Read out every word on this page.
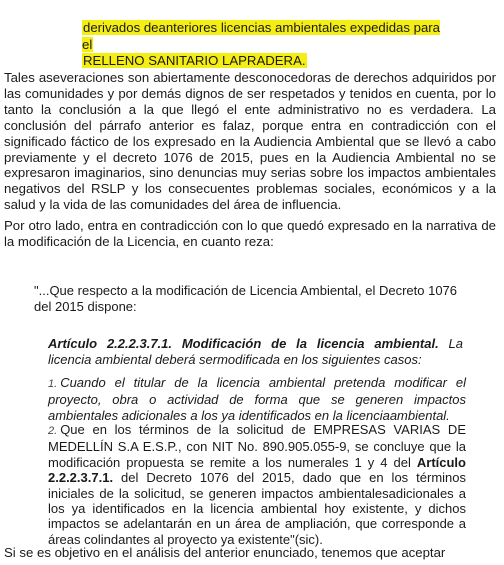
derivados deanteriores licencias ambientales expedidas para el
RELLENO SANITARIO LAPRADERA.

Tales aseveraciones son abiertamente desconocedoras de derechos adquiridos por las comunidades y por demás dignos de ser respetados y tenidos en cuenta, por lo tanto la conclusión a la que llegó el ente administrativo no es verdadera. La conclusión del párrafo anterior es falaz, porque entra en contradicción con el significado fáctico de los expresado en la Audiencia Ambiental que se llevó a cabo previamente y el decreto 1076 de 2015, pues en la Audiencia Ambiental no se expresaron imaginarios, sino denuncias muy serias sobre los impactos ambientales negativos del RSLP y los consecuentes problemas sociales, económicos y a la salud y la vida de las comunidades del área de influencia.

Por otro lado, entra en contradicción con lo que quedó expresado en la narrativa de la modificación de la Licencia, en cuanto reza:

"...Que respecto a la modificación de Licencia Ambiental, el Decreto 1076 del 2015 dispone:

Artículo 2.2.2.3.7.1. Modificación de la licencia ambiental. La licencia ambiental deberá sermodificada en los siguientes casos:

1. Cuando el titular de la licencia ambiental pretenda modificar el proyecto, obra o actividad de forma que se generen impactos ambientales adicionales a los ya identificados en la licenciaambiental.
2. Que en los términos de la solicitud de EMPRESAS VARIAS DE MEDELLÍN S.A E.S.P., con NIT No. 890.905.055-9, se concluye que la modificación propuesta se remite a los numerales 1 y 4 del Artículo 2.2.2.3.7.1. del Decreto 1076 del 2015, dado que en los términos iniciales de la solicitud, se generen impactos ambientalesadicionales a los ya identificados en la licencia ambiental hoy existente, y dichos impactos se adelantarán en un área de ampliación, que corresponde a áreas colindantes al proyecto ya existente"(sic).

Si se es objetivo en el análisis del anterior enunciado, tenemos que aceptar
